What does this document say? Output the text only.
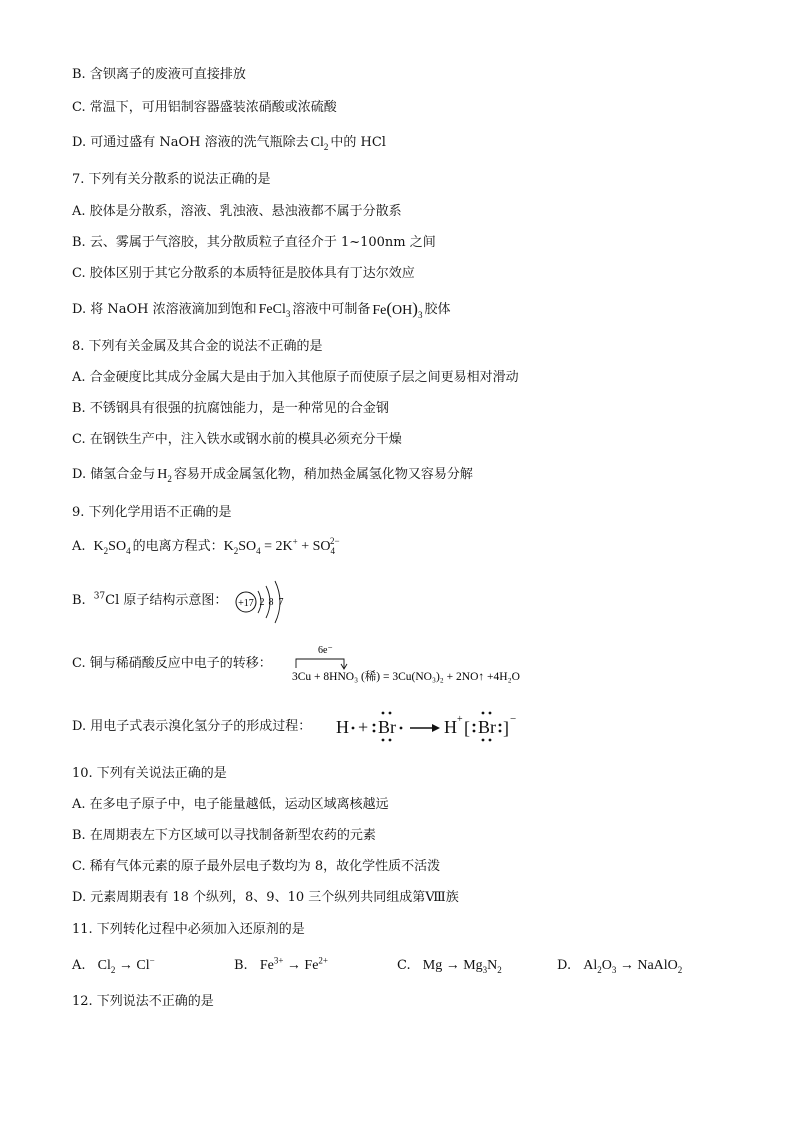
B. 含钡离子的废液可直接排放
C. 常温下，可用铝制容器盛装浓硝酸或浓硫酸
D. 可通过盛有 NaOH 溶液的洗气瓶除去 $Cl_2$ 中的 HCl
7. 下列有关分散系的说法正确的是
A. 胶体是分散系，溶液、乳浊液、悬浊液都不属于分散系
B. 云、雾属于气溶胶，其分散质粒子直径介于 1~100nm 之间
C. 胶体区别于其它分散系的本质特征是胶体具有丁达尔效应
D. 将 NaOH 浓溶液滴加到饱和 FeCl$_3$ 溶液中可制备 $Fe(OH)_3$ 胶体
8. 下列有关金属及其合金的说法不正确的是
A. 合金硬度比其成分金属大是由于加入其他原子而使原子层之间更易相对滑动
B. 不锈钢具有很强的抗腐蚀能力，是一种常见的合金钢
C. 在钢铁生产中，注入铁水或钢水前的模具必须充分干燥
D. 储氢合金与 $H_2$ 容易开成金属氢化物，稍加热金属氢化物又容易分解
9. 下列化学用语不正确的是
A. $K_2SO_4$ 的电离方程式： $K_2SO_4 = 2K^+ + SO_4^{2-}$
B. $^{37}$Cl 原子结构示意图： +17 2 8 7
C. 铜与稀硝酸反应中电子的转移：
6e⁻
3Cu + 8HNO₃ (稀) = 3Cu(NO₃)₂ + 2NO↑ +4H₂O
D. 用电子式表示溴化氢分子的形成过程： H + Br	H + [ Br ] −
10. 下列有关说法正确的是
A. 在多电子原子中，电子能量越低，运动区域离核越远
B. 在周期表左下方区域可以寻找制备新型农药的元素
C. 稀有气体元素的原子最外层电子数均为 8，故化学性质不活泼
D. 元素周期表有 18 个纵列，8、9、10 三个纵列共同组成第Ⅷ族
11. 下列转化过程中必须加入还原剂的是
A. $Cl_2 \to Cl^-$	B. $Fe^{3+} \to Fe^{2+}$	C. $Mg \to Mg_3N_2$	D. $Al_2O_3$ → NaAlO$_2$
12. 下列说法不正确的是
